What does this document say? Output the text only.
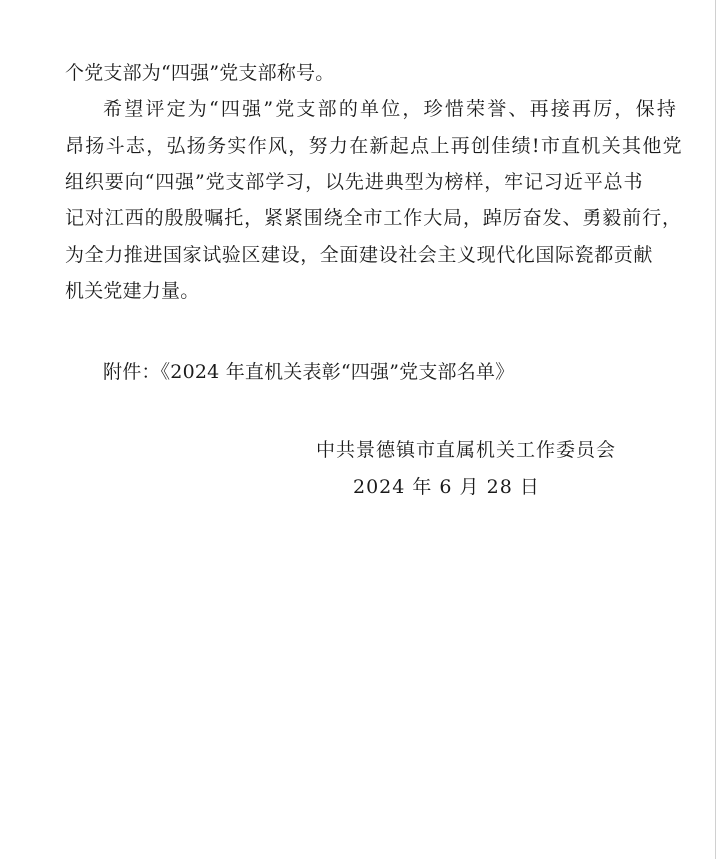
个党支部为“四强”党支部称号。
希望评定为“四强”党支部的单位，珍惜荣誉、再接再厉，保持
昂扬斗志，弘扬务实作风，努力在新起点上再创佳绩!市直机关其他党
组织要向“四强”党支部学习，以先进典型为榜样，牢记习近平总书
记对江西的殷殷嘱托，紧紧围绕全市工作大局，踔厉奋发、勇毅前行，
为全力推进国家试验区建设，全面建设社会主义现代化国际瓷都贡献
机关党建力量。
附件：《2024 年直机关表彰“四强”党支部名单》
中共景德镇市直属机关工作委员会
2024 年 6 月 28 日
